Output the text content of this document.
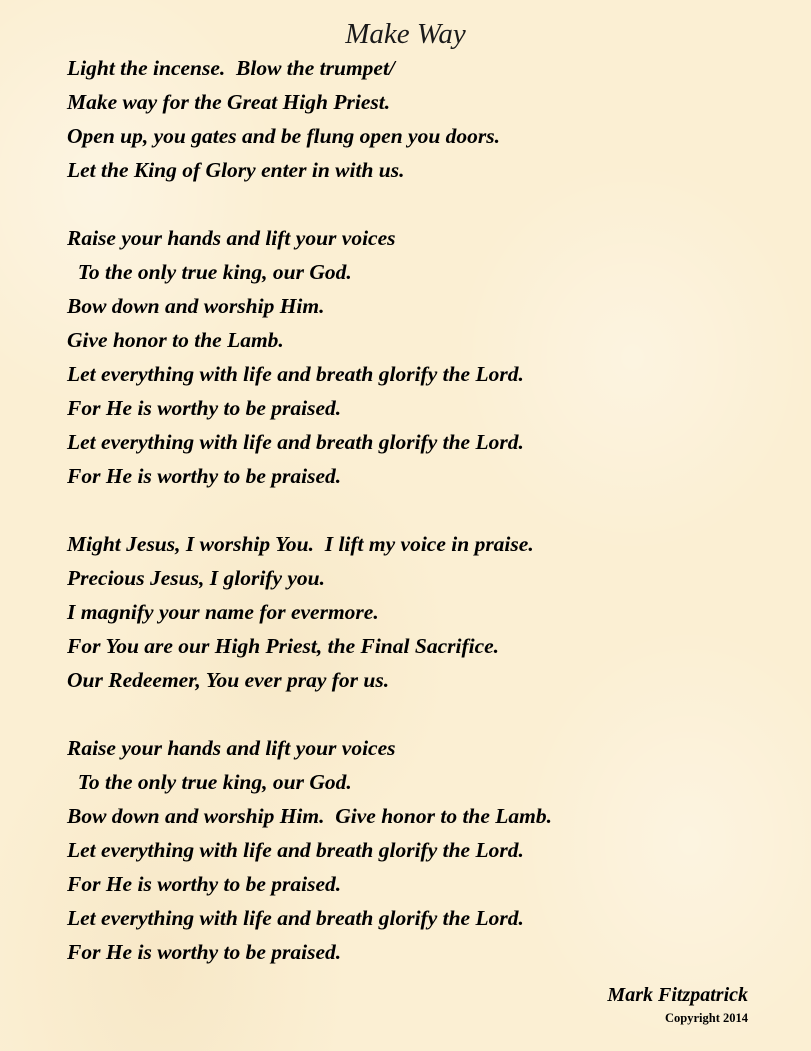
Make Way
Light the incense.  Blow the trumpet/
Make way for the Great High Priest.
Open up, you gates and be flung open you doors.
Let the King of Glory enter in with us.
Raise your hands and lift your voices
To the only true king, our God.
Bow down and worship Him.
Give honor to the Lamb.
Let everything with life and breath glorify the Lord.
For He is worthy to be praised.
Let everything with life and breath glorify the Lord.
For He is worthy to be praised.
Might Jesus, I worship You.  I lift my voice in praise.
Precious Jesus, I glorify you.
I magnify your name for evermore.
For You are our High Priest, the Final Sacrifice.
Our Redeemer, You ever pray for us.
Raise your hands and lift your voices
To the only true king, our God.
Bow down and worship Him.  Give honor to the Lamb.
Let everything with life and breath glorify the Lord.
For He is worthy to be praised.
Let everything with life and breath glorify the Lord.
For He is worthy to be praised.
Mark Fitzpatrick
Copyright 2014
